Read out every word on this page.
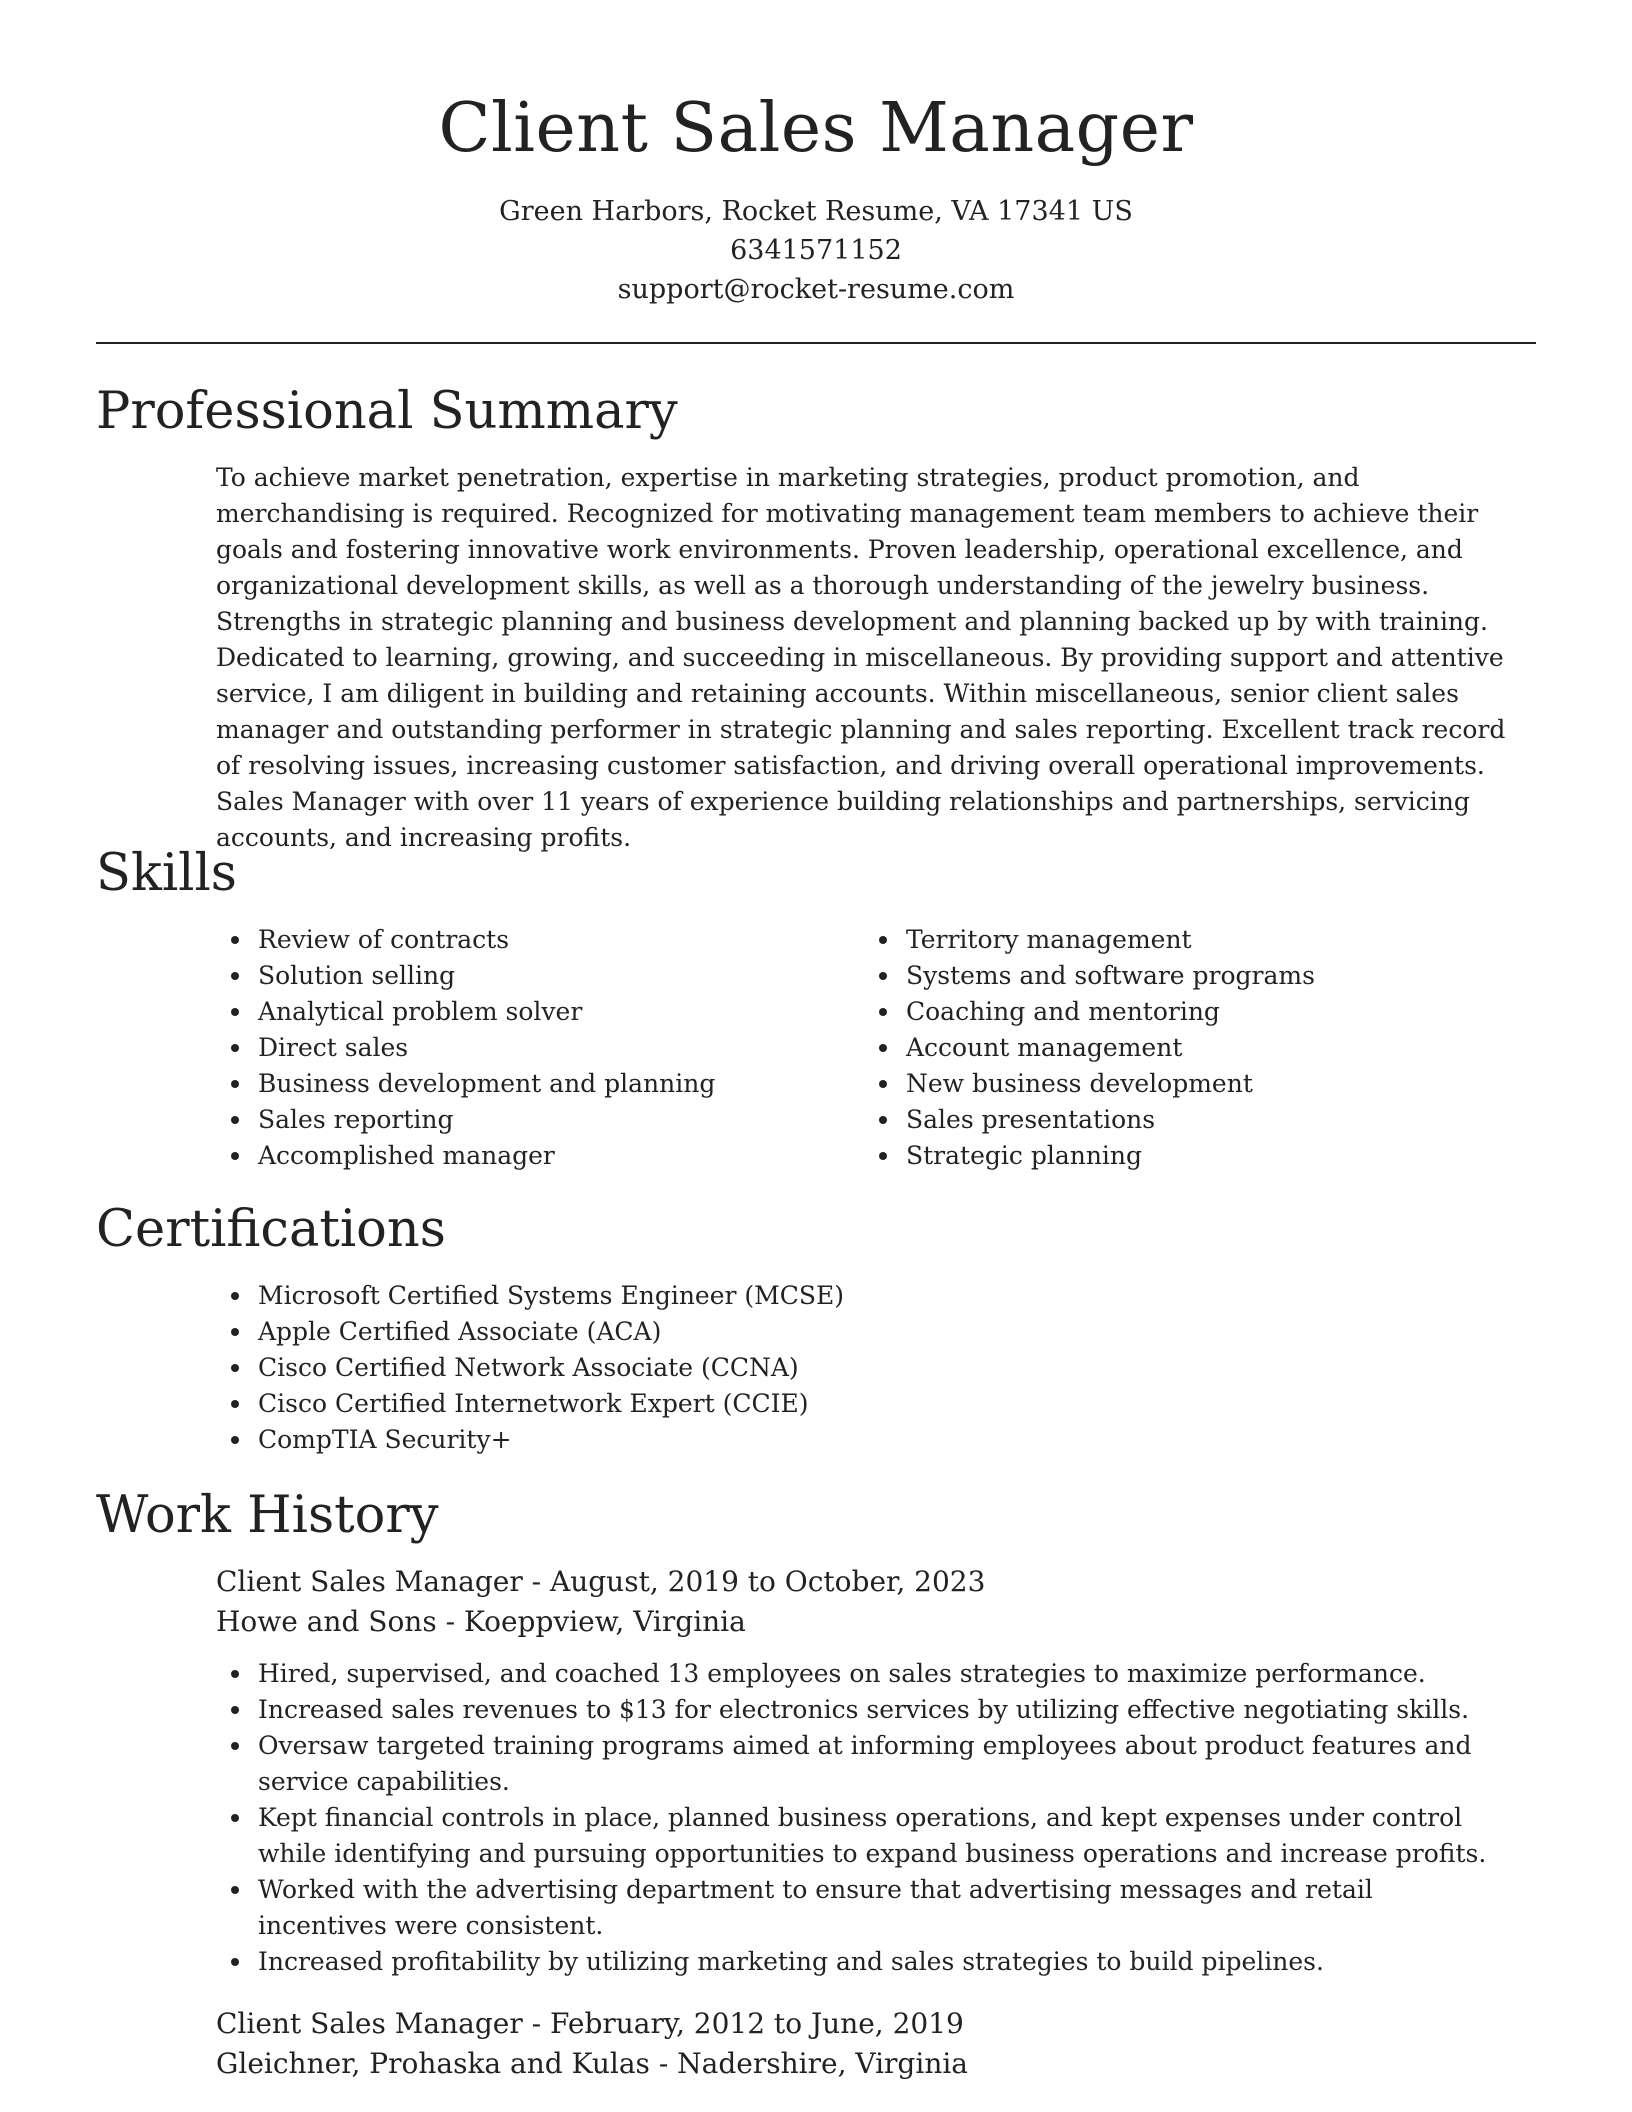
Client Sales Manager
Green Harbors, Rocket Resume, VA 17341 US
6341571152
support@rocket-resume.com
Professional Summary

To achieve market penetration, expertise in marketing strategies, product promotion, and merchandising is required. Recognized for motivating management team members to achieve their goals and fostering innovative work environments. Proven leadership, operational excellence, and organizational development skills, as well as a thorough understanding of the jewelry business. Strengths in strategic planning and business development and planning backed up by with training. Dedicated to learning, growing, and succeeding in miscellaneous. By providing support and attentive service, I am diligent in building and retaining accounts. Within miscellaneous, senior client sales manager and outstanding performer in strategic planning and sales reporting. Excellent track record of resolving issues, increasing customer satisfaction, and driving overall operational improvements. Sales Manager with over 11 years of experience building relationships and partnerships, servicing accounts, and increasing profits.

Skills
Review of contracts
Solution selling
Analytical problem solver
Direct sales
Business development and planning
Sales reporting
Accomplished manager
Territory management
Systems and software programs
Coaching and mentoring
Account management
New business development
Sales presentations
Strategic planning
Certifications
Microsoft Certified Systems Engineer (MCSE)
Apple Certified Associate (ACA)
Cisco Certified Network Associate (CCNA)
Cisco Certified Internetwork Expert (CCIE)
CompTIA Security+
Work History
Client Sales Manager - August, 2019 to October, 2023
Howe and Sons - Koeppview, Virginia
Hired, supervised, and coached 13 employees on sales strategies to maximize performance.
Increased sales revenues to $13 for electronics services by utilizing effective negotiating skills.
Oversaw targeted training programs aimed at informing employees about product features and service capabilities.
Kept financial controls in place, planned business operations, and kept expenses under control while identifying and pursuing opportunities to expand business operations and increase profits.
Worked with the advertising department to ensure that advertising messages and retail incentives were consistent.
Increased profitability by utilizing marketing and sales strategies to build pipelines.
Client Sales Manager - February, 2012 to June, 2019
Gleichner, Prohaska and Kulas - Nadershire, Virginia
